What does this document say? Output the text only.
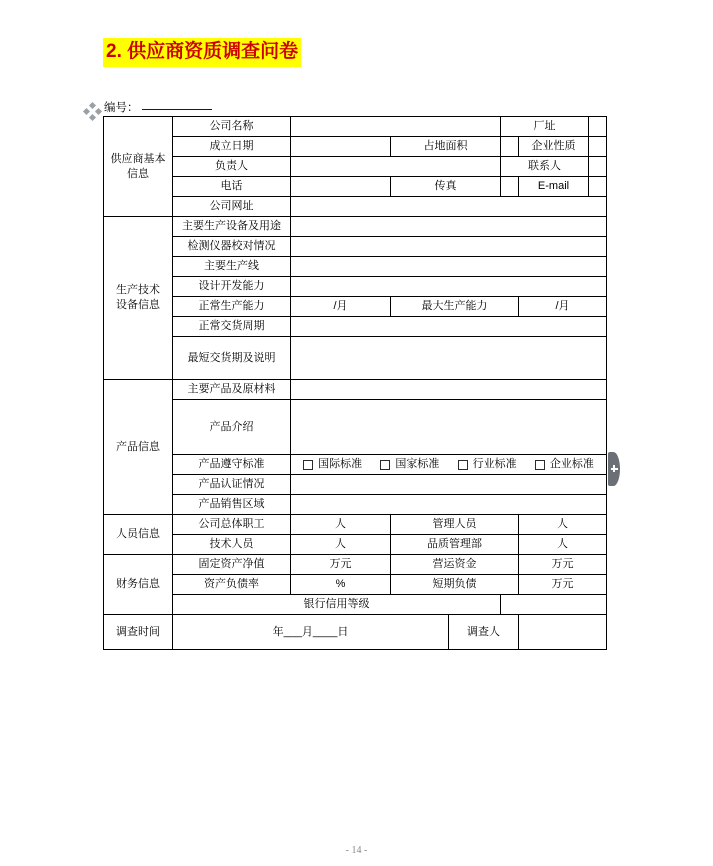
2. 供应商资质调查问卷
编号：
供应商基本
信息	公司名称				厂址		
	成立日期		占地面积			企业性质	
	负责人				联系人		
	电话		传真			E-mail	
	公司网址						

生产技术
设备信息	主要生产设备及用途						
	检测仪器校对情况						
	主要生产线						
	设计开发能力						
	正常生产能力	/月	最大生产能力			/月	
	正常交货周期						
	最短交货期及说明						

产品信息	主要产品及原材料						
	产品介绍						
	产品遵守标准	国际标准 国家标准 行业标准 企业标准					

	产品认证情况						
	产品销售区域						

人员信息	公司总体职工	人	管理人员			人	
	技术人员	人	品质管理部			人	

财务信息	固定资产净值	万元	营运资金			万元	
	资产负债率	%	短期负债			万元	
	银行信用等级						
调查时间	年___月____日			调查人			
- 14 -
